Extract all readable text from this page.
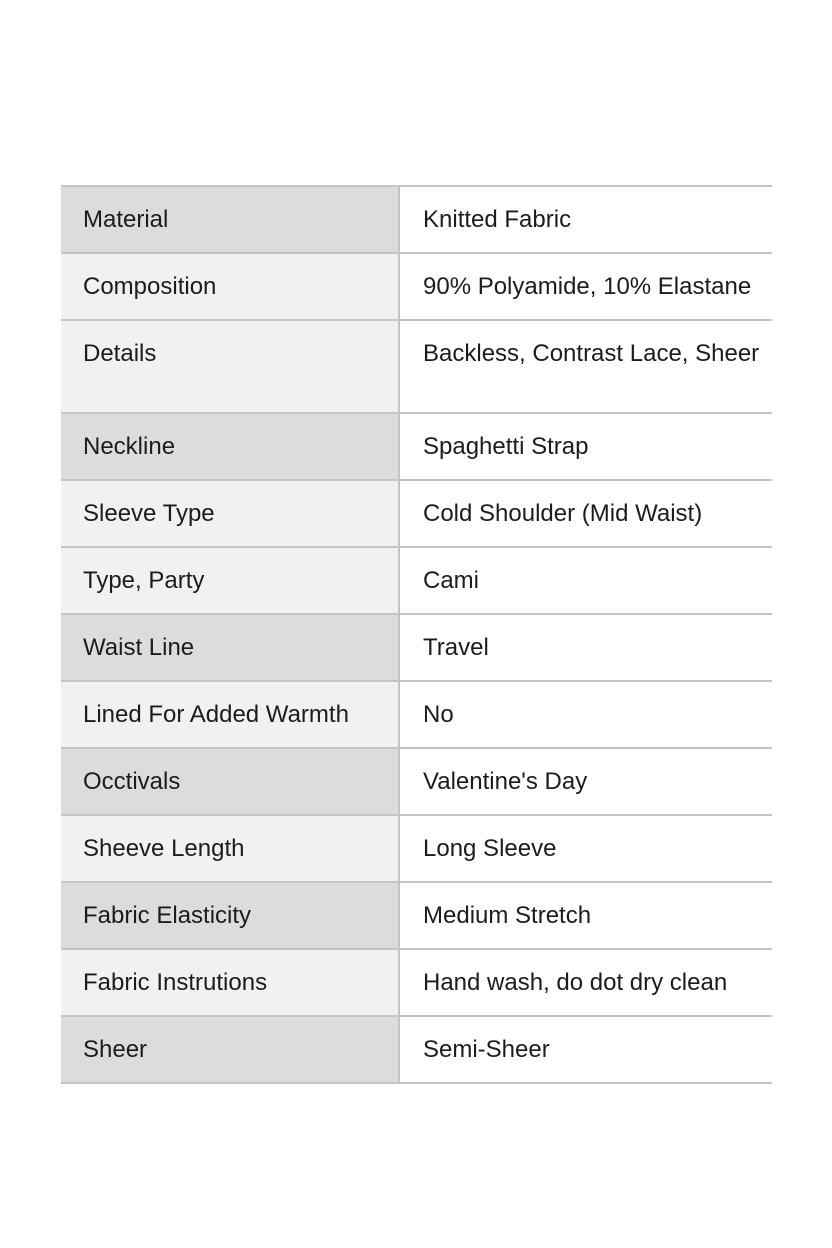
Material	Knitted Fabric
Composition	90% Polyamide, 10% Elastane
Details	Backless, Contrast Lace, Sheer
Neckline	Spaghetti Strap
Sleeve Type	Cold Shoulder (Mid Waist)
Type, Party	Cami
Waist Line	Travel
Lined For Added Warmth	No
Occtivals	Valentine's Day
Sheeve Length	Long Sleeve
Fabric Elasticity	Medium Stretch
Fabric Instrutions	Hand wash, do dot dry clean
Sheer	Semi-Sheer
